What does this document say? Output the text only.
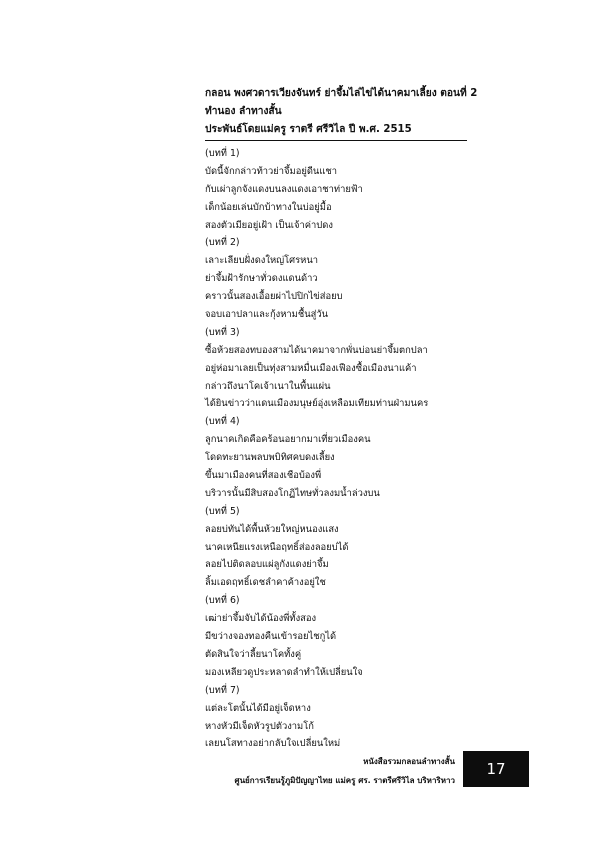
กลอน พงศวดารเวียงจันทร์ ย่าจึ้มไล่ไข่ได้นาคมาเลี้ยง ตอนที่ 2
ทำนอง ลำทางสั้น
ประพันธ์โดยแม่ครู ราตรี ศรีวิไล ปี พ.ศ. 2515
(บทที่ 1)
บัดนี้จักกล่าวท้าวย่าจึ้มอยู่ดีนแชา
กับเผ่าลูกจังแดงบนลงแดงเอาชาท่ายฟ้า
เด็กน้อยเล่นบักบ้าทางในบ่อยู่มื้อ
สองตัวเมียอยู่เฝ้า เป็นเจ้าค่าปดง
(บทที่ 2)
เลาะเลียบฝั่งดงใหญ่โศรหนา
ย่าจึ้มฝ้ารักษาทั่วดงแดนด้าว
คราวนั้นสองเอื้อยผ่าไปปิกไข่ส่อยบ
จอบเอาปลาและกุ้งหามชื้นสู่วัน
(บทที่ 3)
ซื้อห้วยสองทบองสามได้นาคมาจากพั่นบ่อนย่าจึ้มตกปลา
อยู่ห่อมาเลยเป็นทุ่งสามหมื่นเมืองเฟืองซื้อเมืองนาแค้า
กล่าวถึงนาโคเจ้าเนาในพื้นแผ่น
ได้ยินข่าวว่าแดนเมืองมนุษย์อุ่งเหลือมเทียมท่านฝ่ามนคร
(บทที่ 4)
ลูกนาคเกิดคือคร้อนอยากมาเที่ยวเมืองคน
โดดทะยานพลบพบิทิศคบดงเลี้ยง
ขึ้นมาเมืองคนที่สองเชือบ้องพี่
บริวารนั้นมีสิบสองโกฏิไทษทั่วลงมน้ำล่วงบน
(บทที่ 5)
ลอยบ่ทันได้พื้นห้วยใหญ่หนองแสง
นาคเหนียแรงเหนือฤทธิ์ส่องลอยบ่ได้
ลอยไปติดลอบแผ่ลูกังแดงย่าจึ้ม
ลิ้มเอดฤทธิ์เดชลำคาค้างอยู่ใช
(บทที่ 6)
เฒ่าย่าจึ้มจับได้น้องพี่ทั้งสอง
มีขว่างจองทองคืนเข้ารอยไชกูได้
ตัดสินใจว่าลี้ยนาโคทั้งคู่
มองเหลียวดูประหลาดลำทำให้เปลี่ยนใจ
(บทที่ 7)
แต่ละโตนั้นได้มีอยู่เจ็ดหาง
หางหัวมีเจ็ดหัวรูปตัวงามโก้
เลยนโสทางอย่ากลับใจเปลี่ยนใหม่
หนังสือรวมกลอนลำทางสั้น
ศูนย์การเรียนรู้ภูมิปัญญาไทย แม่ครู ศร. ราตรีศรีวิไล บริหาริหาว
17
